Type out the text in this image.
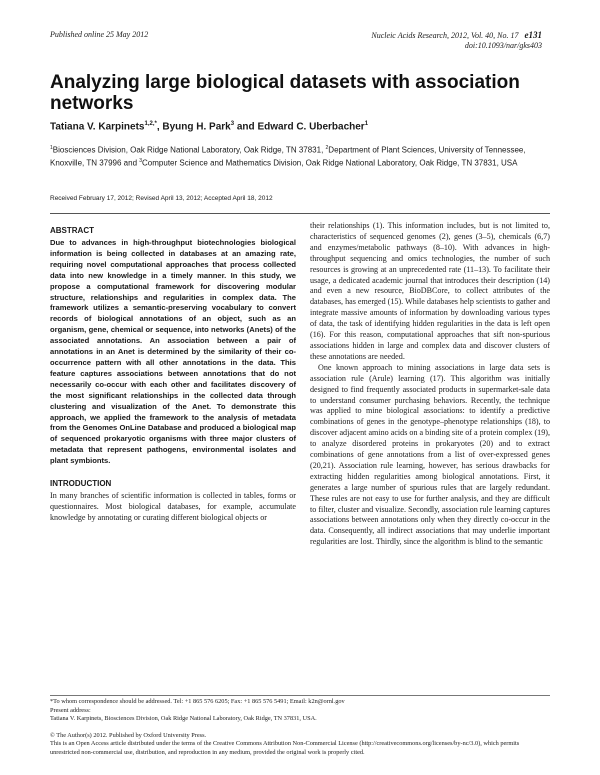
Published online 25 May 2012	Nucleic Acids Research, 2012, Vol. 40, No. 17 e131
doi:10.1093/nar/gks403
Analyzing large biological datasets with association networks
Tatiana V. Karpinets$^{1,2,*}$, Byung H. Park$^3$ and Edward C. Uberbacher$^1$
$^1$Biosciences Division, Oak Ridge National Laboratory, Oak Ridge, TN 37831, $^2$Department of Plant Sciences, University of Tennessee, Knoxville, TN 37996 and $^3$Computer Science and Mathematics Division, Oak Ridge National Laboratory, Oak Ridge, TN 37831, USA
Received February 17, 2012; Revised April 13, 2012; Accepted April 18, 2012
ABSTRACT

Due to advances in high-throughput biotechnologies biological information is being collected in databases at an amazing rate, requiring novel computational approaches that process collected data into new knowledge in a timely manner. In this study, we propose a computational framework for discovering modular structure, relationships and regularities in complex data. The framework utilizes a semantic-preserving vocabulary to convert records of biological annotations of an object, such as an organism, gene, chemical or sequence, into networks (Anets) of the associated annotations. An association between a pair of annotations in an Anet is determined by the similarity of their co-occurrence pattern with all other annotations in the data. This feature captures associations between annotations that do not necessarily co-occur with each other and facilitates discovery of the most significant relationships in the collected data through clustering and visualization of the Anet. To demonstrate this approach, we applied the framework to the analysis of metadata from the Genomes OnLine Database and produced a biological map of sequenced prokaryotic organisms with three major clusters of metadata that represent pathogens, environmental isolates and plant symbionts.

INTRODUCTION

In many branches of scientific information is collected in tables, forms or questionnaires. Most biological databases, for example, accumulate knowledge by annotating or curating different biological objects or

their relationships (1). This information includes, but is not limited to, characteristics of sequenced genomes (2), genes (3–5), chemicals (6,7) and enzymes/metabolic pathways (8–10). With advances in high-throughput sequencing and omics technologies, the number of such resources is growing at an unprecedented rate (11–13). To facilitate their usage, a dedicated academic journal that introduces their description (14) and even a new resource, BioDBCore, to collect attributes of the databases, has emerged (15). While databases help scientists to gather and integrate massive amounts of information by downloading various types of data, the task of identifying hidden regularities in the data is left open (16). For this reason, computational approaches that sift non-spurious associations hidden in large and complex data and discover clusters of these annotations are needed.

One known approach to mining associations in large data sets is association rule (Arule) learning (17). This algorithm was initially designed to find frequently associated products in supermarket-sale data to understand consumer purchasing behaviors. Recently, the technique was applied to mine biological associations: to identify a predictive combinations of genes in the genotype–phenotype relationships (18), to discover adjacent amino acids on a binding site of a protein complex (19), to analyze disordered proteins in prokaryotes (20) and to extract combinations of gene annotations from a list of over-expressed genes (20,21). Association rule learning, however, has serious drawbacks for extracting hidden regularities among biological annotations. First, it generates a large number of spurious rules that are largely redundant. These rules are not easy to use for further analysis, and they are difficult to filter, cluster and visualize. Secondly, association rule learning captures associations between annotations only when they directly co-occur in the data. Consequently, all indirect associations that may underlie important regularities are lost. Thirdly, since the algorithm is blind to the semantic

*To whom correspondence should be addressed. Tel: +1 865 576 6205; Fax: +1 865 576 5491; Email: k2n@ornl.gov
Present address:
Tatiana V. Karpinets, Biosciences Division, Oak Ridge National Laboratory, Oak Ridge, TN 37831, USA.
© The Author(s) 2012. Published by Oxford University Press.
This is an Open Access article distributed under the terms of the Creative Commons Attribution Non-Commercial License (http://creativecommons.org/licenses/by-nc/3.0), which permits unrestricted non-commercial use, distribution, and reproduction in any medium, provided the original work is properly cited.
